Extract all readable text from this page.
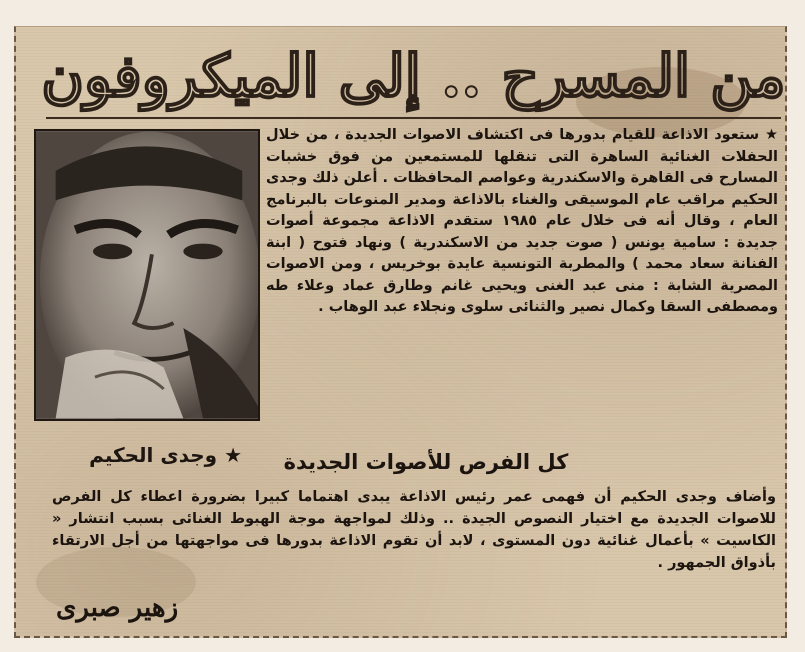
من المسرح .. إلى الميكروفون
★ وجدى الحكيم

★ ستعود الاذاعة للقيام بدورها فى اكتشاف الاصوات الجديدة ، من خلال الحفلات الغنائية الساهرة التى تنقلها للمستمعين من فوق خشبات المسارح فى القاهرة والاسكندرية وعواصم المحافظات . أعلن ذلك وجدى الحكيم مراقب عام الموسيقى والغناء بالاذاعة ومدير المنوعات بالبرنامج العام ، وقال أنه فى خلال عام ١٩٨٥ ستقدم الاذاعة مجموعة أصوات جديدة : سامية يونس ( صوت جديد من الاسكندرية ) ونهاد فتوح ( ابنة الفنانة سعاد محمد ) والمطربة التونسية عايدة بوخريس ، ومن الاصوات المصرية الشابة : منى عبد الغنى ويحيى غانم وطارق عماد وعلاء طه ومصطفى السقا وكمال نصير والثنائى سلوى ونجلاء عبد الوهاب .

كل الفرص للأصوات الجديدة

وأضاف وجدى الحكيم أن فهمى عمر رئيس الاذاعة يبدى اهتماما كبيرا بضرورة اعطاء كل الفرص للاصوات الجديدة مع اختيار النصوص الجيدة .. وذلك لمواجهة موجة الهبوط الغنائى بسبب انتشار « الكاسيت » بأعمال غنائية دون المستوى ، لابد أن تقوم الاذاعة بدورها فى مواجهتها من أجل الارتقاء بأذواق الجمهور .

زهير صبرى
